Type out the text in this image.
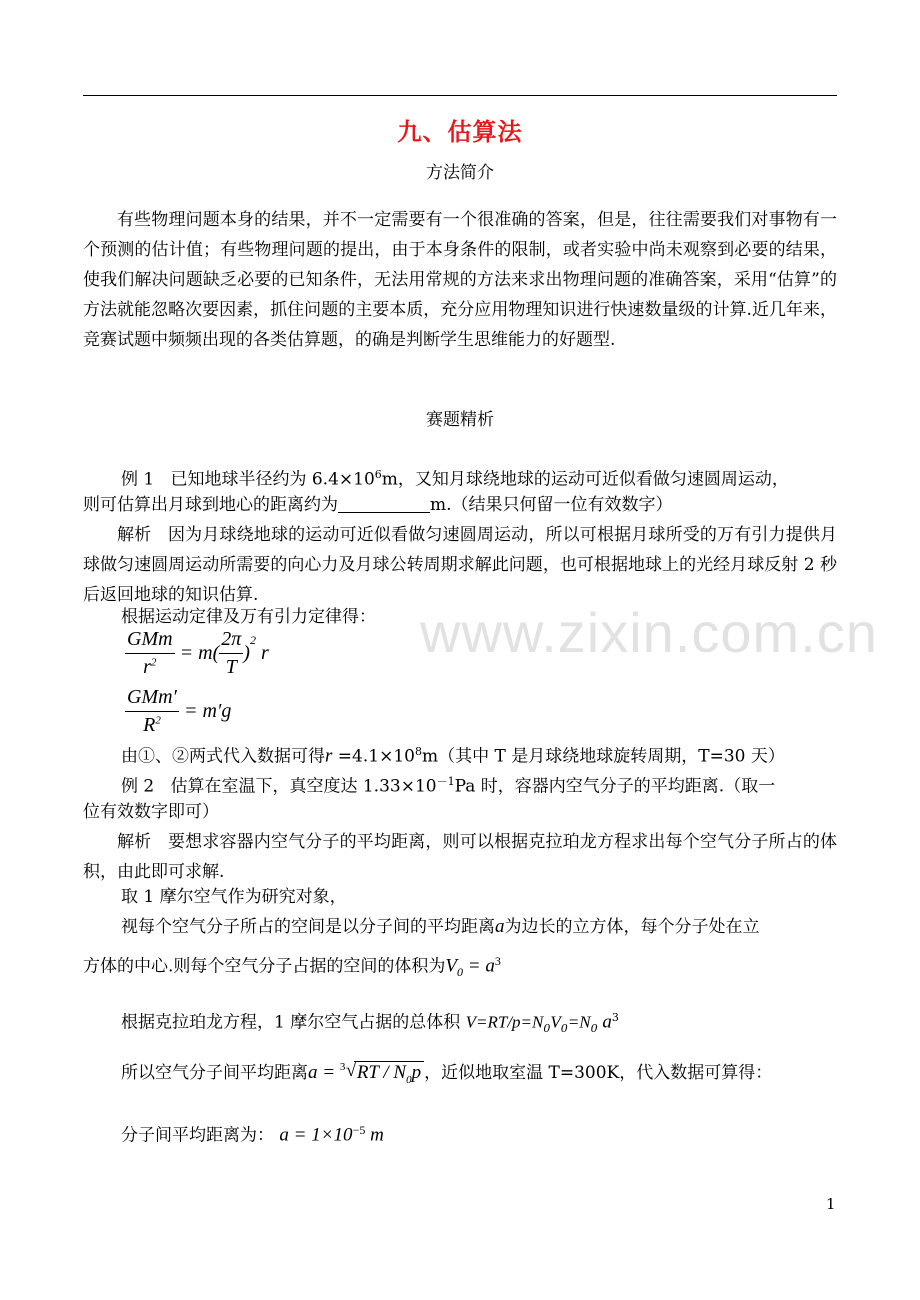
九、估算法
方法简介

有些物理问题本身的结果，并不一定需要有一个很准确的答案，但是，往往需要我们对事物有一个预测的估计值；有些物理问题的提出，由于本身条件的限制，或者实验中尚未观察到必要的结果，使我们解决问题缺乏必要的已知条件，无法用常规的方法来求出物理问题的准确答案，采用“估算”的方法就能忽略次要因素，抓住问题的主要本质，充分应用物理知识进行快速数量级的计算.近几年来，竞赛试题中频频出现的各类估算题，的确是判断学生思维能力的好题型.

赛题精析
例 1 已知地球半径约为 $6.4\times 10^6m$，又知月球绕地球的运动可近似看做匀速圆周运动，
则可估算出月球到地心的距离约为	m.（结果只何留一位有效数字）

解析 因为月球绕地球的运动可近似看做匀速圆周运动，所以可根据月球所受的万有引力提供月球做匀速圆周运动所需要的向心力及月球公转周期求解此问题，也可根据地球上的光经月球反射 2 秒后返回地球的知识估算.

根据运动定律及万有引力定律得：
$\frac{\text{GMm}}{r^2} = m( \frac{2\pi}{T} )^2$ r
$\frac{\text{GMm′}}{R^2} = m'g$
由①、②两式代入数据可得$r =4.1\times 10^8m$（其中 T 是月球绕地球旋转周期，T=30 天）
例 2 估算在室温下，真空度达 $1.33\times 10^{-1}Pa$ 时，容器内空气分子的平均距离.（取一
位有效数字即可）

解析 要想求容器内空气分子的平均距离，则可以根据克拉珀龙方程求出每个空气分子所占的体积，由此即可求解.

取 1 摩尔空气作为研究对象，
视每个空气分子所占的空间是以分子间的平均距离a为边长的立方体，每个分子处在立
方体的中心.则每个空气分子占据的空间的体积为$V_0 = a^3$
根据克拉珀龙方程，1 摩尔空气占据的总体积 $V=RT/p=N_0V_0=N_0$ $a^3$
所以空气分子间平均距离a = 3 √ RT / $N_0p$ ，近似地取室温 T=300K，代入数据可算得：
分子间平均距离为： $a = 1\times 10^{-5}$ m
www.zixin.com.cn
1
